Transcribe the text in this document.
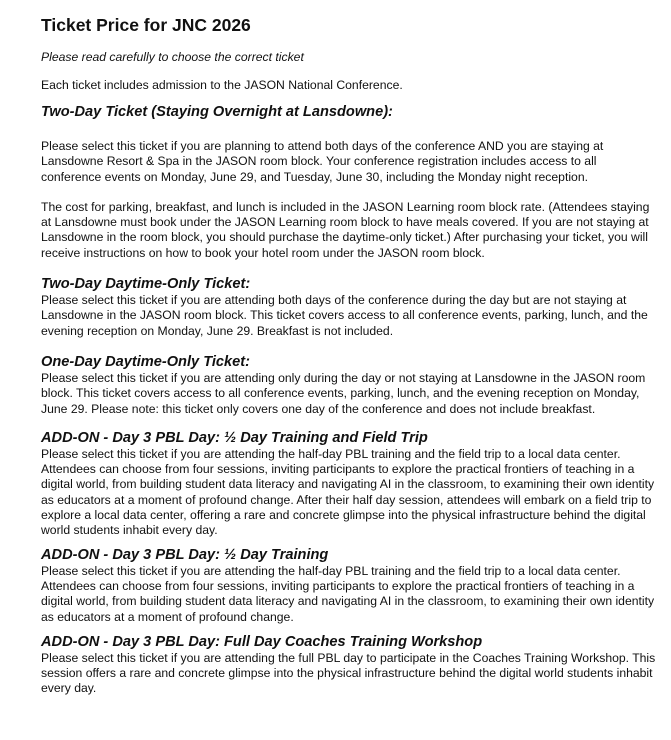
Ticket Price for JNC 2026

Please read carefully to choose the correct ticket

Each ticket includes admission to the JASON National Conference.

Two-Day Ticket (Staying Overnight at Lansdowne):

Please select this ticket if you are planning to attend both days of the conference AND you are staying at Lansdowne Resort & Spa in the JASON room block. Your conference registration includes access to all conference events on Monday, June 29, and Tuesday, June 30, including the Monday night reception.

The cost for parking, breakfast, and lunch is included in the JASON Learning room block rate. (Attendees staying at Lansdowne must book under the JASON Learning room block to have meals covered. If you are not staying at Lansdowne in the room block, you should purchase the daytime-only ticket.) After purchasing your ticket, you will receive instructions on how to book your hotel room under the JASON room block.

Two-Day Daytime-Only Ticket:

Please select this ticket if you are attending both days of the conference during the day but are not staying at Lansdowne in the JASON room block. This ticket covers access to all conference events, parking, lunch, and the evening reception on Monday, June 29. Breakfast is not included.

One-Day Daytime-Only Ticket:

Please select this ticket if you are attending only during the day or not staying at Lansdowne in the JASON room block. This ticket covers access to all conference events, parking, lunch, and the evening reception on Monday, June 29. Please note: this ticket only covers one day of the conference and does not include breakfast.

ADD-ON - Day 3 PBL Day: ½ Day Training and Field Trip

Please select this ticket if you are attending the half-day PBL training and the field trip to a local data center. Attendees can choose from four sessions, inviting participants to explore the practical frontiers of teaching in a digital world, from building student data literacy and navigating AI in the classroom, to examining their own identity as educators at a moment of profound change. After their half day session, attendees will embark on a field trip to explore a local data center, offering a rare and concrete glimpse into the physical infrastructure behind the digital world students inhabit every day.

ADD-ON - Day 3 PBL Day: ½ Day Training

Please select this ticket if you are attending the half-day PBL training and the field trip to a local data center. Attendees can choose from four sessions, inviting participants to explore the practical frontiers of teaching in a digital world, from building student data literacy and navigating AI in the classroom, to examining their own identity as educators at a moment of profound change.

ADD-ON - Day 3 PBL Day: Full Day Coaches Training Workshop

Please select this ticket if you are attending the full PBL day to participate in the Coaches Training Workshop. This session offers a rare and concrete glimpse into the physical infrastructure behind the digital world students inhabit every day.
